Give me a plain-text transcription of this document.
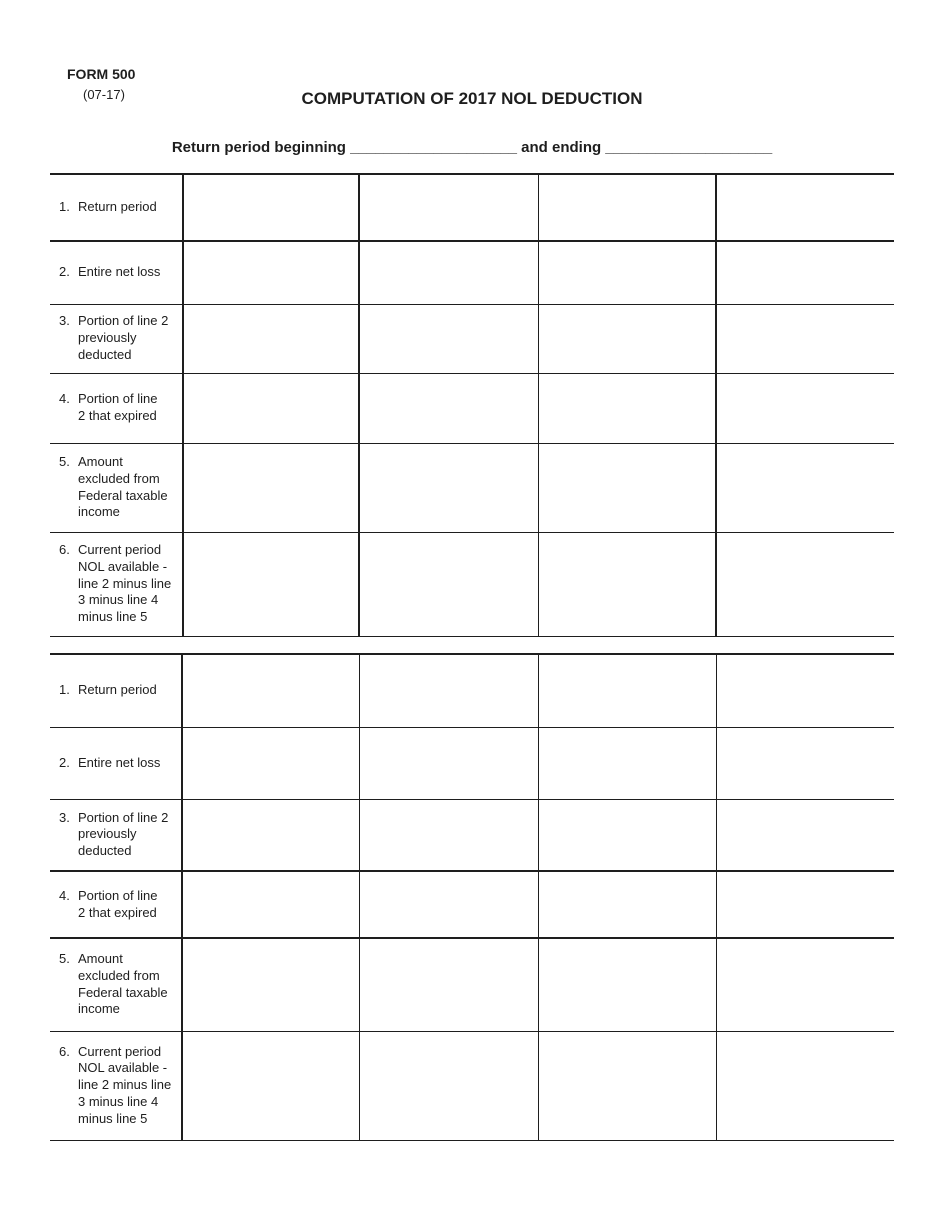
FORM 500
(07-17)	COMPUTATION OF 2017 NOL DEDUCTION
Return period beginning ____________________ and ending ____________________
1. Return period				

2. Entire net loss				

3. Portion of line 2 previously deducted				

4. Portion of line 2 that expired				

5. Amount excluded from Federal taxable income				

6. Current period NOL available - line 2 minus line 3 minus line 4 minus line 5				

1. Return period				

2. Entire net loss				

3. Portion of line 2 previously deducted				

4. Portion of line 2 that expired				

5. Amount excluded from Federal taxable income				

6. Current period NOL available - line 2 minus line 3 minus line 4 minus line 5				
